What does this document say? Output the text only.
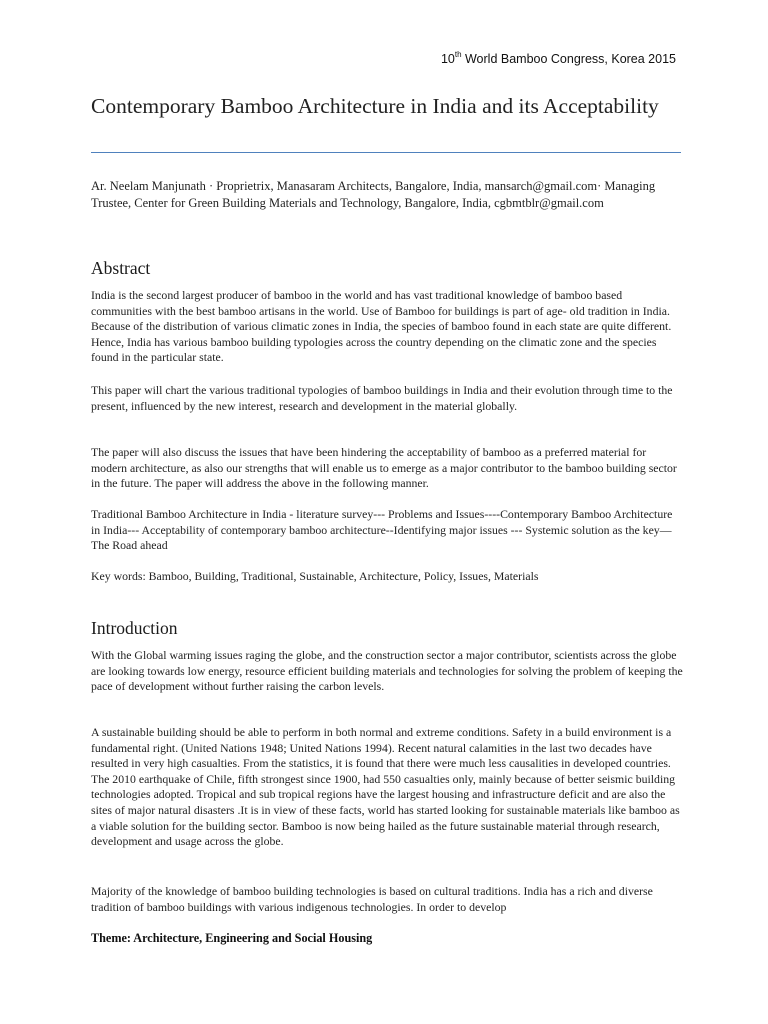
10th World Bamboo Congress, Korea 2015
Contemporary Bamboo Architecture in India and its Acceptability
Ar. Neelam Manjunath · Proprietrix, Manasaram Architects, Bangalore, India, mansarch@gmail.com· Managing Trustee, Center for Green Building Materials and Technology, Bangalore, India, cgbmtblr@gmail.com
Abstract

India is the second largest producer of bamboo in the world and has vast traditional knowledge of bamboo based communities with the best bamboo artisans in the world. Use of Bamboo for buildings is part of age- old tradition in India. Because of the distribution of various climatic zones in India, the species of bamboo found in each state are quite different. Hence, India has various bamboo building typologies across the country depending on the climatic zone and the species found in the particular state.

This paper will chart the various traditional typologies of bamboo buildings in India and their evolution through time to the present, influenced by the new interest, research and development in the material globally.

The paper will also discuss the issues that have been hindering the acceptability of bamboo as a preferred material for modern architecture, as also our strengths that will enable us to emerge as a major contributor to the bamboo building sector in the future. The paper will address the above in the following manner.

Traditional Bamboo Architecture in India - literature survey--- Problems and Issues----Contemporary Bamboo Architecture in India--- Acceptability of contemporary bamboo architecture--Identifying major issues --- Systemic solution as the key—The Road ahead

Key words: Bamboo, Building, Traditional, Sustainable, Architecture, Policy, Issues, Materials

Introduction

With the Global warming issues raging the globe, and the construction sector a major contributor, scientists across the globe are looking towards low energy, resource efficient building materials and technologies for solving the problem of keeping the pace of development without further raising the carbon levels.

A sustainable building should be able to perform in both normal and extreme conditions. Safety in a build environment is a fundamental right. (United Nations 1948; United Nations 1994). Recent natural calamities in the last two decades have resulted in very high casualties. From the statistics, it is found that there were much less causalities in developed countries. The 2010 earthquake of Chile, fifth strongest since 1900, had 550 casualties only, mainly because of better seismic building technologies adopted. Tropical and sub tropical regions have the largest housing and infrastructure deficit and are also the sites of major natural disasters .It is in view of these facts, world has started looking for sustainable materials like bamboo as a viable solution for the building sector. Bamboo is now being hailed as the future sustainable material through research, development and usage across the globe.

Majority of the knowledge of bamboo building technologies is based on cultural traditions. India has a rich and diverse tradition of bamboo buildings with various indigenous technologies. In order to develop

Theme: Architecture, Engineering and Social Housing
